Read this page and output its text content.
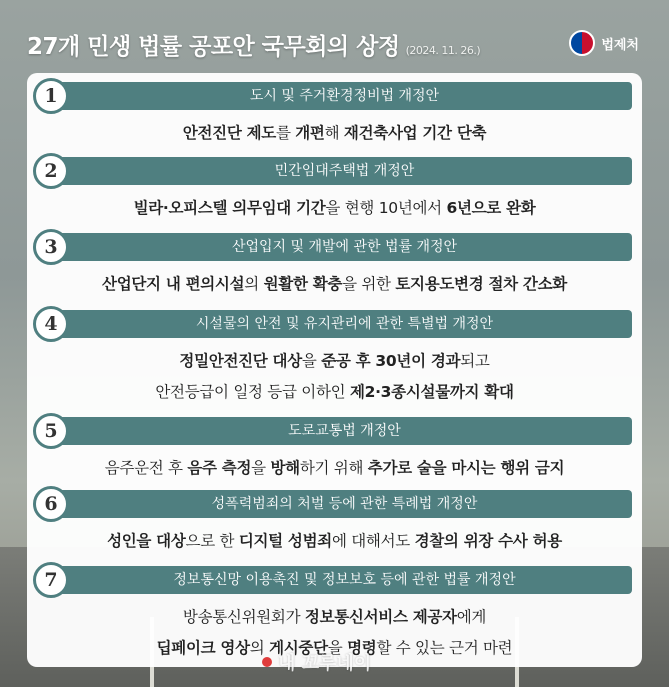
27개 민생 법률 공포안 국무회의 상정 (2024. 11. 26.)	법제처
도시 및 주거환경정비법 개정안
1
안전진단 제도를 개편해 재건축사업 기간 단축
민간임대주택법 개정안
2
빌라·오피스텔 의무임대 기간을 현행 10년에서 6년으로 완화
산업입지 및 개발에 관한 법률 개정안
3
산업단지 내 편의시설의 원활한 확충을 위한 토지용도변경 절차 간소화
시설물의 안전 및 유지관리에 관한 특별법 개정안
4
정밀안전진단 대상을 준공 후 30년이 경과되고
안전등급이 일정 등급 이하인 제2·3종시설물까지 확대
도로교통법 개정안
5
음주운전 후 음주 측정을 방해하기 위해 추가로 술을 마시는 행위 금지
성폭력범죄의 처벌 등에 관한 특례법 개정안
6
성인을 대상으로 한 디지털 성범죄에 대해서도 경찰의 위장 수사 허용
정보통신망 이용촉진 및 정보보호 등에 관한 법률 개정안
7
방송통신위원회가 정보통신서비스 제공자에게
딥페이크 영상의 게시중단을 명령할 수 있는 근거 마련
내 꼬루네이
